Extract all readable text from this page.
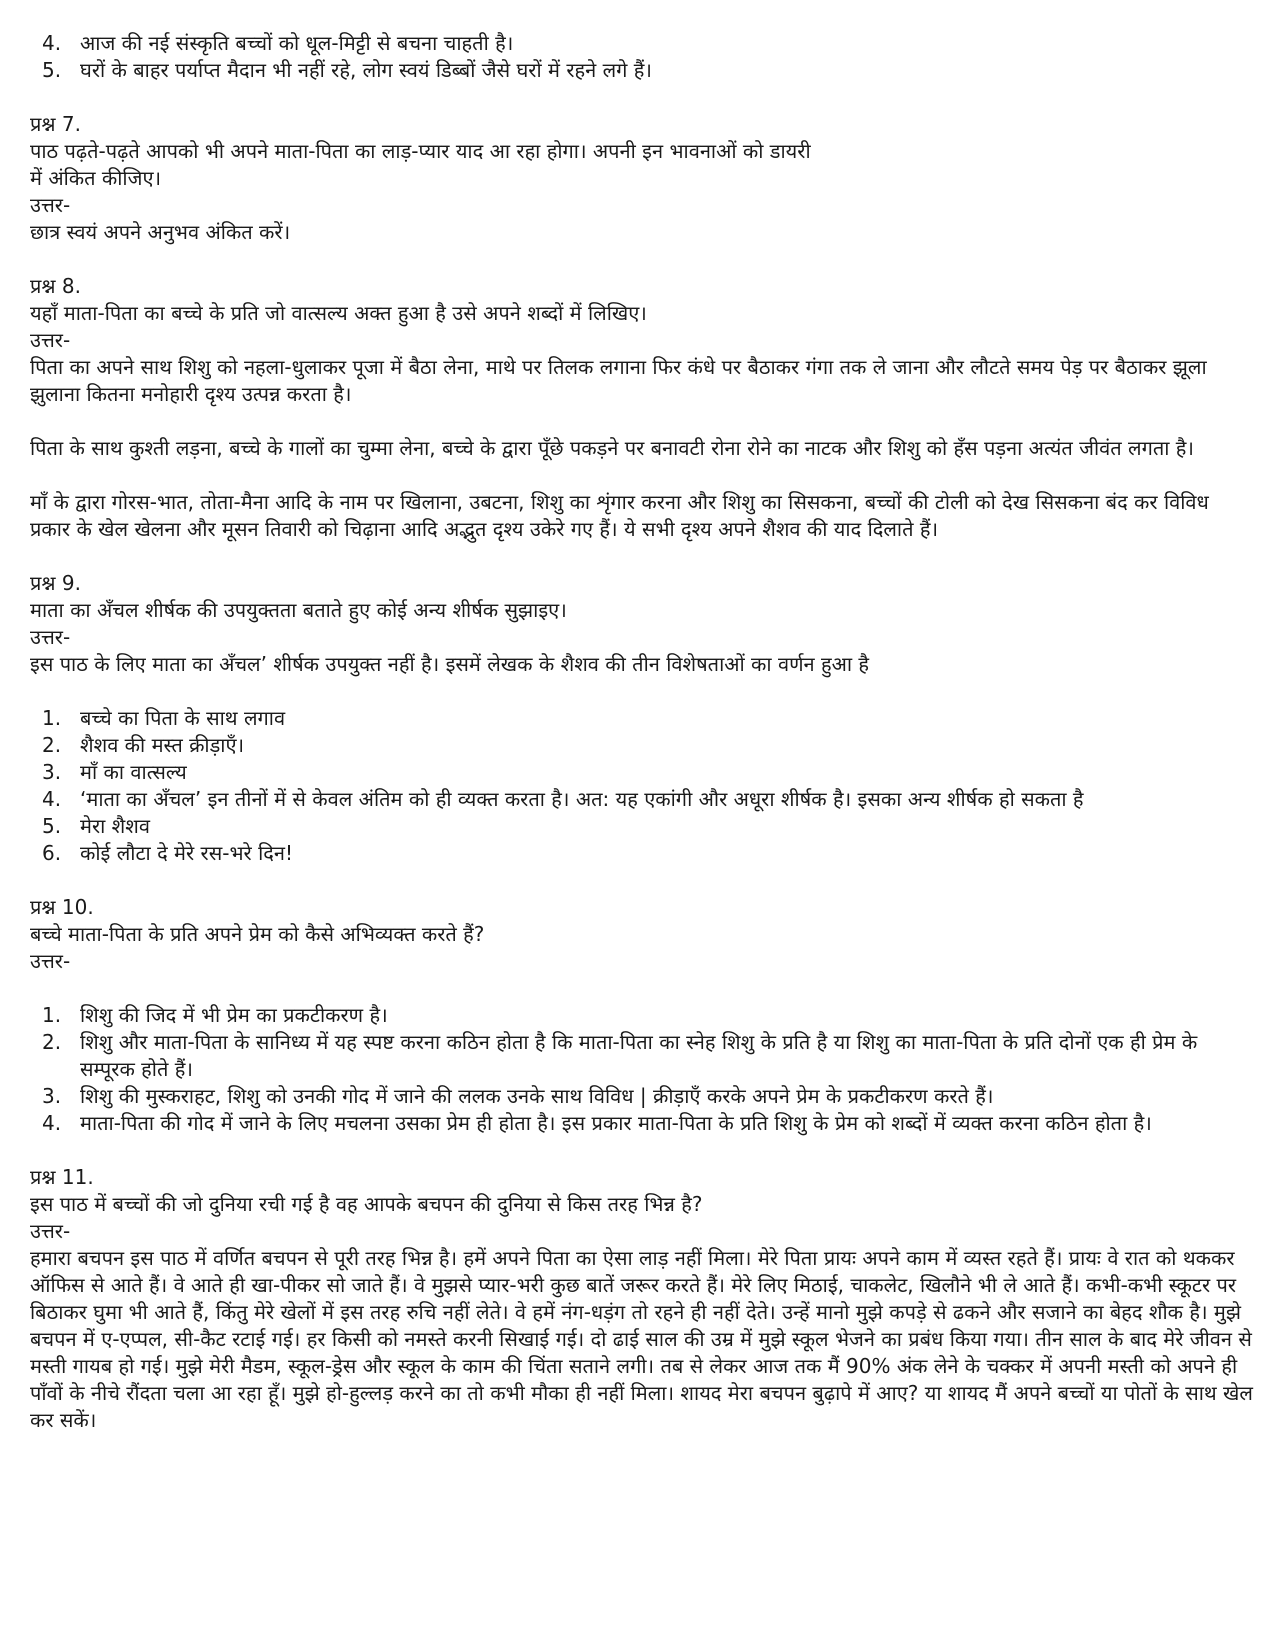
4. आज की नई संस्कृति बच्चों को धूल-मिट्टी से बचना चाहती है।
5. घरों के बाहर पर्याप्त मैदान भी नहीं रहे, लोग स्वयं डिब्बों जैसे घरों में रहने लगे हैं।

प्रश्न 7.

पाठ पढ़ते-पढ़ते आपको भी अपने माता-पिता का लाड़-प्यार याद आ रहा होगा। अपनी इन भावनाओं को डायरी

में अंकित कीजिए।

उत्तर-

छात्र स्वयं अपने अनुभव अंकित करें।

प्रश्न 8.

यहाँ माता-पिता का बच्चे के प्रति जो वात्सल्य अक्त हुआ है उसे अपने शब्दों में लिखिए।

उत्तर-

पिता का अपने साथ शिशु को नहला-धुलाकर पूजा में बैठा लेना, माथे पर तिलक लगाना फिर कंधे पर बैठाकर गंगा तक ले जाना और लौटते समय पेड़ पर बैठाकर झूला झुलाना कितना मनोहारी दृश्य उत्पन्न करता है।

पिता के साथ कुश्ती लड़ना, बच्चे के गालों का चुम्मा लेना, बच्चे के द्वारा पूँछे पकड़ने पर बनावटी रोना रोने का नाटक और शिशु को हँस पड़ना अत्यंत जीवंत लगता है।

माँ के द्वारा गोरस-भात, तोता-मैना आदि के नाम पर खिलाना, उबटना, शिशु का शृंगार करना और शिशु का सिसकना, बच्चों की टोली को देख सिसकना बंद कर विविध प्रकार के खेल खेलना और मूसन तिवारी को चिढ़ाना आदि अद्भुत दृश्य उकेरे गए हैं। ये सभी दृश्य अपने शैशव की याद दिलाते हैं।

प्रश्न 9.

माता का अँचल शीर्षक की उपयुक्तता बताते हुए कोई अन्य शीर्षक सुझाइए।

उत्तर-

इस पाठ के लिए माता का अँचल’ शीर्षक उपयुक्त नहीं है। इसमें लेखक के शैशव की तीन विशेषताओं का वर्णन हुआ है

1. बच्चे का पिता के साथ लगाव
2. शैशव की मस्त क्रीड़ाएँ।
3. माँ का वात्सल्य
4. ‘माता का अँचल’ इन तीनों में से केवल अंतिम को ही व्यक्त करता है। अत: यह एकांगी और अधूरा शीर्षक है। इसका अन्य शीर्षक हो सकता है
5. मेरा शैशव
6. कोई लौटा दे मेरे रस-भरे दिन!

प्रश्न 10.

बच्चे माता-पिता के प्रति अपने प्रेम को कैसे अभिव्यक्त करते हैं?

उत्तर-

1. शिशु की जिद में भी प्रेम का प्रकटीकरण है।
2. शिशु और माता-पिता के सानिध्य में यह स्पष्ट करना कठिन होता है कि माता-पिता का स्नेह शिशु के प्रति है या शिशु का माता-पिता के प्रति दोनों एक ही प्रेम के सम्पूरक होते हैं।
3. शिशु की मुस्कराहट, शिशु को उनकी गोद में जाने की ललक उनके साथ विविध | क्रीड़ाएँ करके अपने प्रेम के प्रकटीकरण करते हैं।
4. माता-पिता की गोद में जाने के लिए मचलना उसका प्रेम ही होता है। इस प्रकार माता-पिता के प्रति शिशु के प्रेम को शब्दों में व्यक्त करना कठिन होता है।

प्रश्न 11.

इस पाठ में बच्चों की जो दुनिया रची गई है वह आपके बचपन की दुनिया से किस तरह भिन्न है?

उत्तर-

हमारा बचपन इस पाठ में वर्णित बचपन से पूरी तरह भिन्न है। हमें अपने पिता का ऐसा लाड़ नहीं मिला। मेरे पिता प्रायः अपने काम में व्यस्त रहते हैं। प्रायः वे रात को थककर ऑफिस से आते हैं। वे आते ही खा-पीकर सो जाते हैं। वे मुझसे प्यार-भरी कुछ बातें जरूर करते हैं। मेरे लिए मिठाई, चाकलेट, खिलौने भी ले आते हैं। कभी-कभी स्कूटर पर बिठाकर घुमा भी आते हैं, किंतु मेरे खेलों में इस तरह रुचि नहीं लेते। वे हमें नंग-धड़ंग तो रहने ही नहीं देते। उन्हें मानो मुझे कपड़े से ढकने और सजाने का बेहद शौक है। मुझे बचपन में ए-एप्पल, सी-कैट रटाई गई। हर किसी को नमस्ते करनी सिखाई गई। दो ढाई साल की उम्र में मुझे स्कूल भेजने का प्रबंध किया गया। तीन साल के बाद मेरे जीवन से मस्ती गायब हो गई। मुझे मेरी मैडम, स्कूल-ड्रेस और स्कूल के काम की चिंता सताने लगी। तब से लेकर आज तक मैं 90% अंक लेने के चक्कर में अपनी मस्ती को अपने ही पाँवों के नीचे रौंदता चला आ रहा हूँ। मुझे हो-हुल्लड़ करने का तो कभी मौका ही नहीं मिला। शायद मेरा बचपन बुढ़ापे में आए? या शायद मैं अपने बच्चों या पोतों के साथ खेल कर सकें।
